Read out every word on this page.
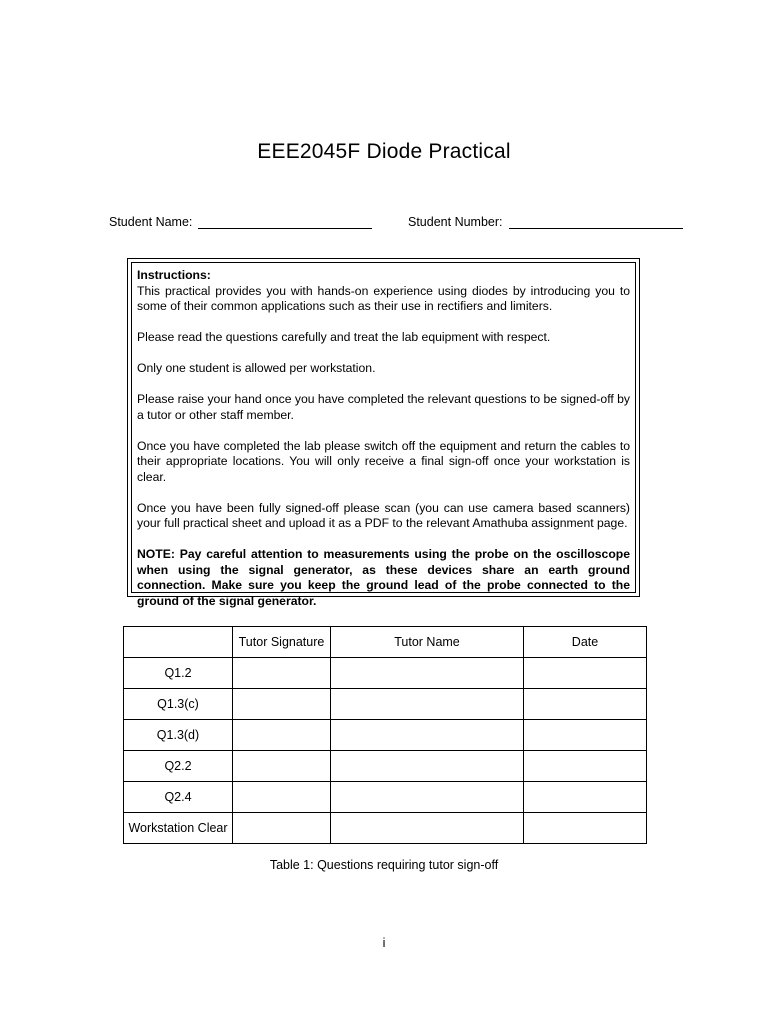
EEE2045F Diode Practical
Student Name:	Student Number:

Instructions:

This practical provides you with hands-on experience using diodes by introducing you to some of their common applications such as their use in rectifiers and limiters.

Please read the questions carefully and treat the lab equipment with respect.

Only one student is allowed per workstation.

Please raise your hand once you have completed the relevant questions to be signed-off by a tutor or other staff member.

Once you have completed the lab please switch off the equipment and return the cables to their appropriate locations. You will only receive a final sign-off once your workstation is clear.

Once you have been fully signed-off please scan (you can use camera based scanners) your full practical sheet and upload it as a PDF to the relevant Amathuba assignment page.

NOTE: Pay careful attention to measurements using the probe on the oscilloscope when using the signal generator, as these devices share an earth ground connection. Make sure you keep the ground lead of the probe connected to the ground of the signal generator.

	Tutor Signature	Tutor Name	Date
Q1.2			
Q1.3(c)			
Q1.3(d)			
Q2.2			
Q2.4			
Workstation Clear			
Table 1: Questions requiring tutor sign-off
i
